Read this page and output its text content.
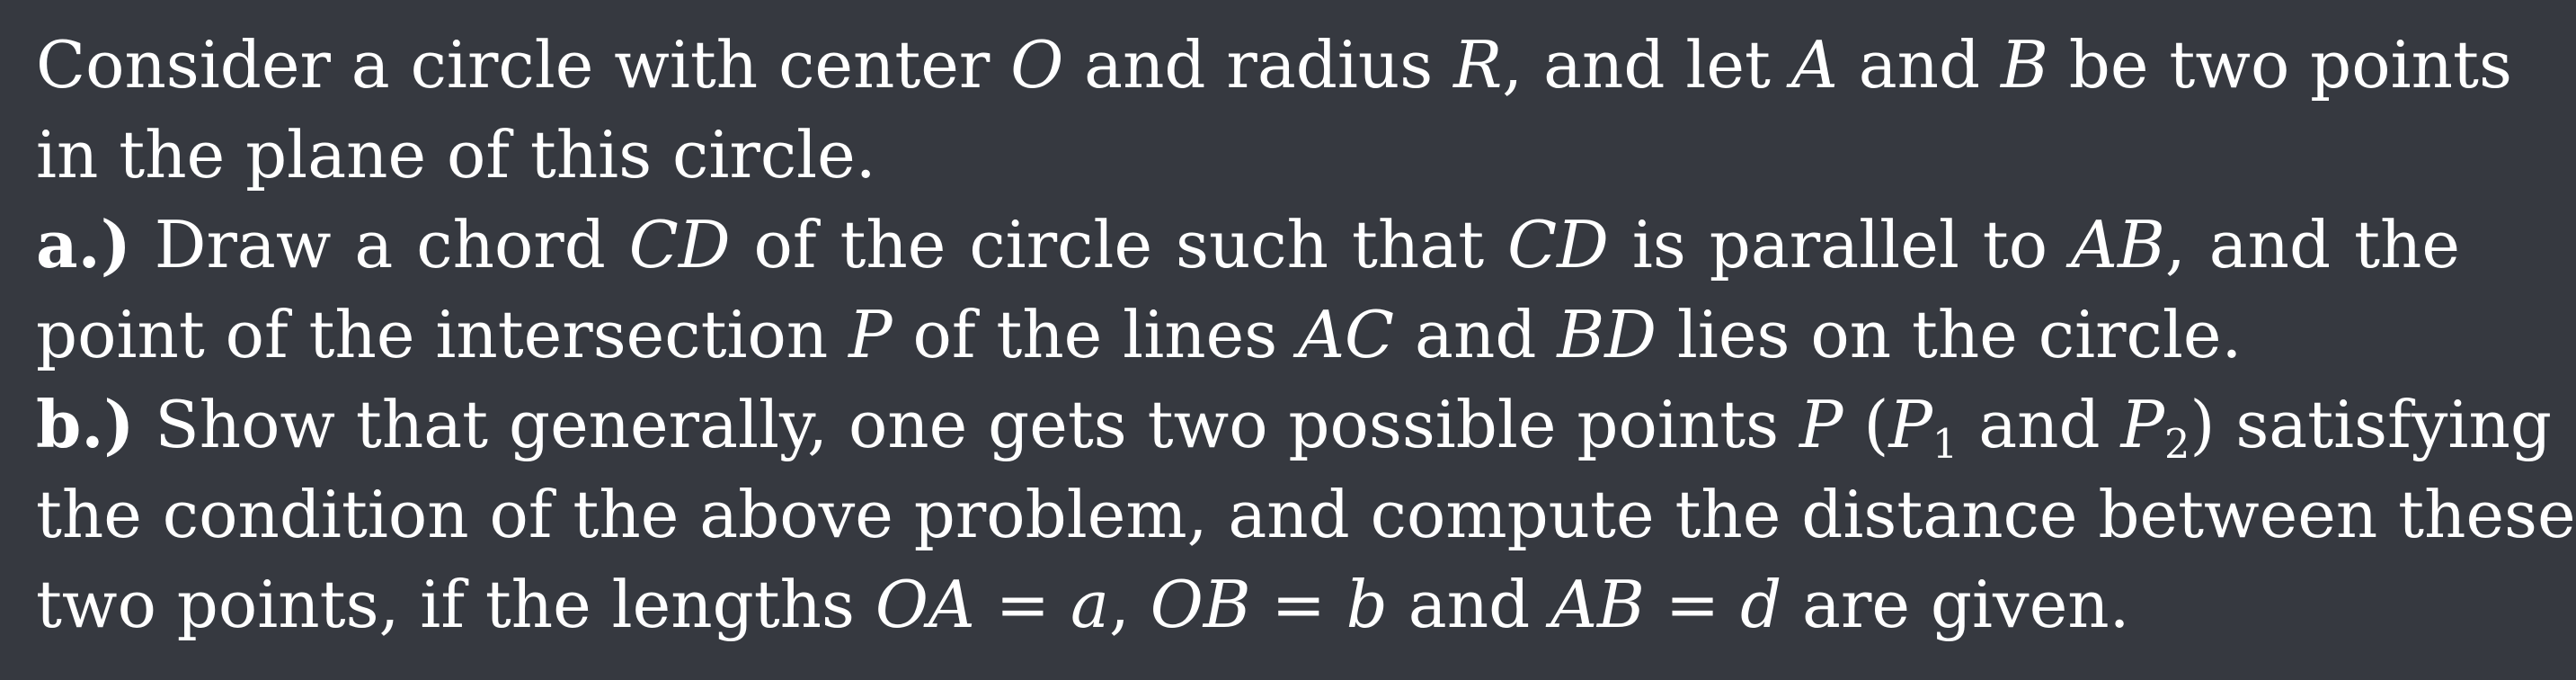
Consider a circle with center O and radius R, and let A and B be two points
in the plane of this circle.
a.) Draw a chord CD of the circle such that CD is parallel to AB, and the
point of the intersection P of the lines AC and BD lies on the circle.
b.) Show that generally, one gets two possible points P ($P_1$ and $P_2$) satisfying
the condition of the above problem, and compute the distance between these
two points, if the lengths OA = a, OB = b and AB = d are given.
